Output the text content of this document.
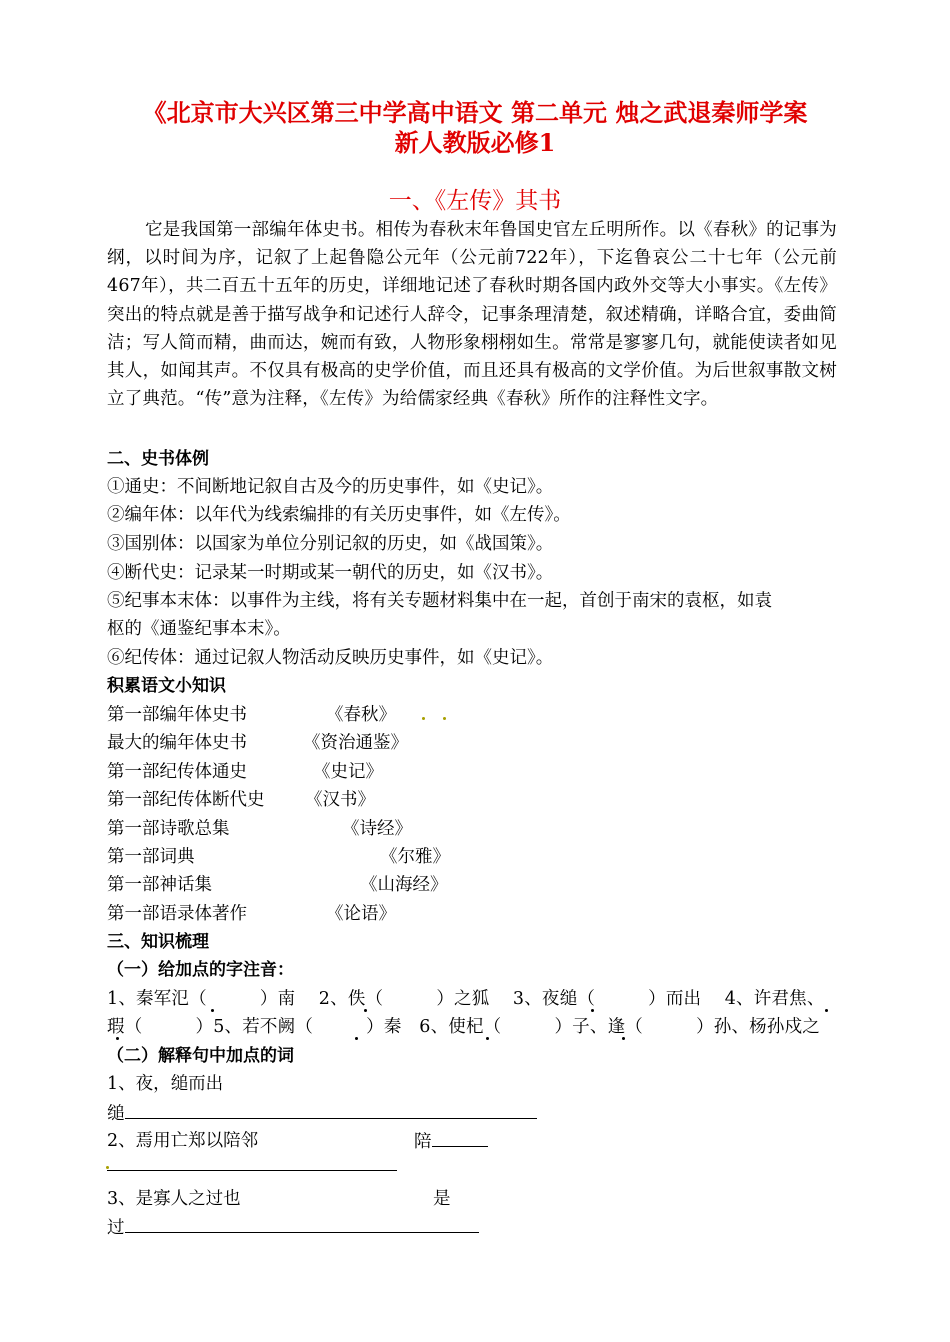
《北京市大兴区第三中学高中语文 第二单元 烛之武退秦师学案
新人教版必修1
一、《左传》其书
它是我国第一部编年体史书。相传为春秋末年鲁国史官左丘明所作。以《春秋》的记事为纲，以时间为序，记叙了上起鲁隐公元年（公元前722年），下迄鲁哀公二十七年（公元前467年），共二百五十五年的历史，详细地记述了春秋时期各国内政外交等大小事实。《左传》突出的特点就是善于描写战争和记述行人辞令，记事条理清楚，叙述精确，详略合宜，委曲简洁；写人简而精，曲而达，婉而有致，人物形象栩栩如生。常常是寥寥几句，就能使读者如见其人，如闻其声。不仅具有极高的史学价值，而且还具有极高的文学价值。为后世叙事散文树立了典范。“传”意为注释，《左传》为给儒家经典《春秋》所作的注释性文字。
二、史书体例
①通史：不间断地记叙自古及今的历史事件，如《史记》。
②编年体：以年代为线索编排的有关历史事件，如《左传》。
③国别体：以国家为单位分别记叙的历史，如《战国策》。
④断代史：记录某一时期或某一朝代的历史，如《汉书》。
⑤纪事本末体：以事件为主线，将有关专题材料集中在一起，首创于南宋的袁枢，如袁
枢的《通鉴纪事本末》。
⑥纪传体：通过记叙人物活动反映历史事件，如《史记》。
积累语文小知识
第一部编年体史书	《春秋》
最大的编年体史书	《资治通鉴》
第一部纪传体通史	《史记》
第一部纪传体断代史 《汉书》
第一部诗歌总集	《诗经》
第一部词典	《尔雅》
第一部神话集	《山海经》
第一部语录体著作	《论语》
三、知识梳理
（一）给加点的字注音：
1、秦军氾（　　　）南　 2、佚（　　　）之狐　 3、夜缒（　　　）而出　 4、许君焦、
瑕（　　　）5、若不阙（　　　）秦　6、使杞（　　　）子、逢（　　　）孙、杨孙戍之
（二）解释句中加点的词
1、夜，缒而出
缒
2、焉用亡郑以陪邻	陪
3、是寡人之过也	是
过
